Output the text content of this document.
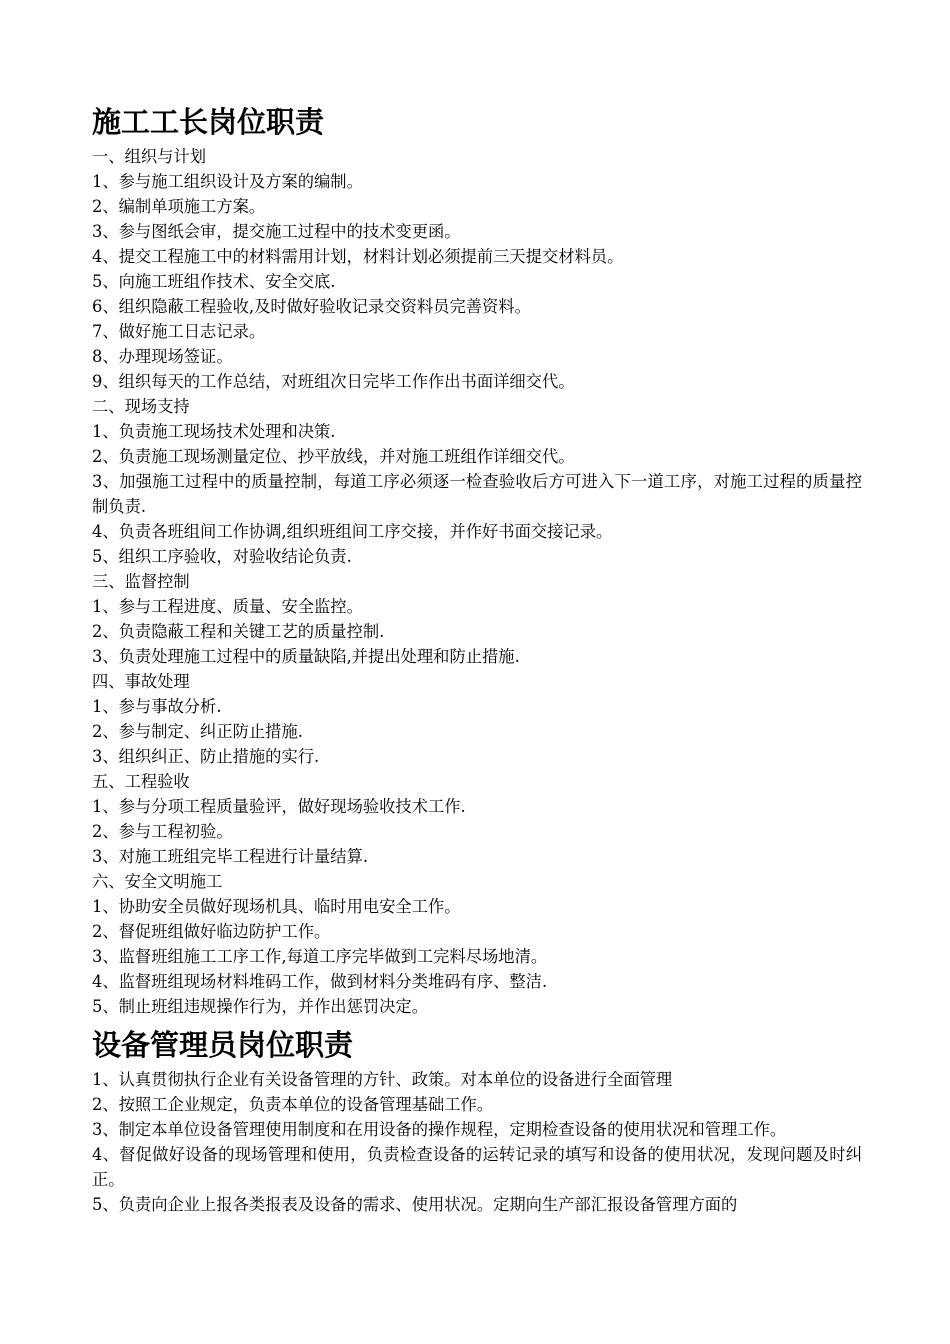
施工工长岗位职责

一、组织与计划

1、参与施工组织设计及方案的编制。

2、编制单项施工方案。

3、参与图纸会审，提交施工过程中的技术变更函。

4、提交工程施工中的材料需用计划，材料计划必须提前三天提交材料员。

5、向施工班组作技术、安全交底.

6、组织隐蔽工程验收,及时做好验收记录交资料员完善资料。

7、做好施工日志记录。

8、办理现场签证。

9、组织每天的工作总结，对班组次日完毕工作作出书面详细交代。

二、现场支持

1、负责施工现场技术处理和决策.

2、负责施工现场测量定位、抄平放线，并对施工班组作详细交代。

3、加强施工过程中的质量控制，每道工序必须逐一检查验收后方可进入下一道工序，对施工过程的质量控制负责.

4、负责各班组间工作协调,组织班组间工序交接，并作好书面交接记录。

5、组织工序验收，对验收结论负责.

三、监督控制

1、参与工程进度、质量、安全监控。

2、负责隐蔽工程和关键工艺的质量控制.

3、负责处理施工过程中的质量缺陷,并提出处理和防止措施.

四、事故处理

1、参与事故分析.

2、参与制定、纠正防止措施.

3、组织纠正、防止措施的实行.

五、工程验收

1、参与分项工程质量验评，做好现场验收技术工作.

2、参与工程初验。

3、对施工班组完毕工程进行计量结算.

六、安全文明施工

1、协助安全员做好现场机具、临时用电安全工作。

2、督促班组做好临边防护工作。

3、监督班组施工工序工作,每道工序完毕做到工完料尽场地清。

4、监督班组现场材料堆码工作，做到材料分类堆码有序、整洁.

5、制止班组违规操作行为，并作出惩罚决定。

设备管理员岗位职责

1、认真贯彻执行企业有关设备管理的方针、政策。对本单位的设备进行全面管理

2、按照工企业规定，负责本单位的设备管理基础工作。

3、制定本单位设备管理使用制度和在用设备的操作规程，定期检查设备的使用状况和管理工作。

4、督促做好设备的现场管理和使用，负责检查设备的运转记录的填写和设备的使用状况，发现问题及时纠正。

5、负责向企业上报各类报表及设备的需求、使用状况。定期向生产部汇报设备管理方面的
